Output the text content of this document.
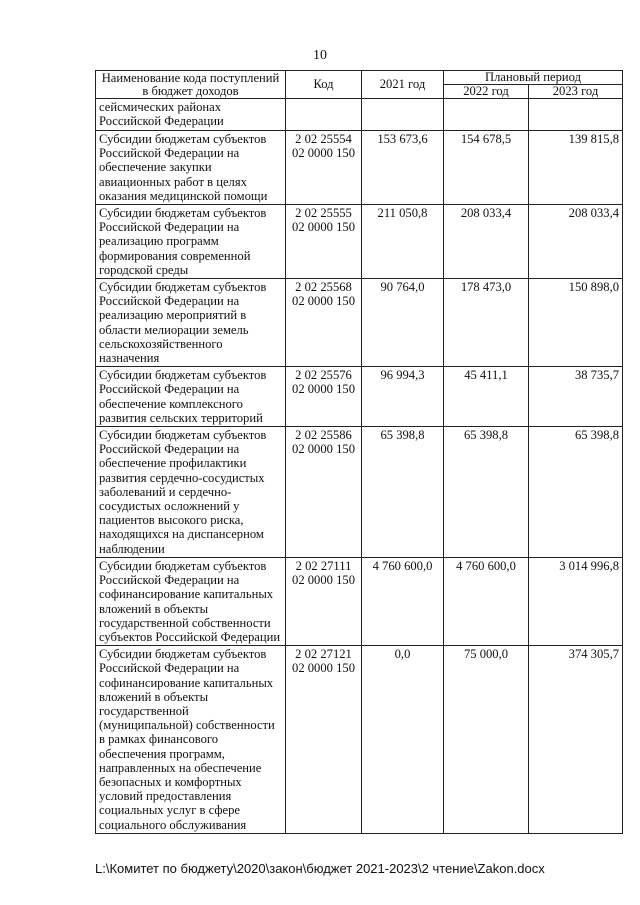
10
Наименование кода поступлений в бюджет доходов	Код	2021 год	Плановый период	
			2022 год	2023 год
сейсмических районах Российской Федерации				
Субсидии бюджетам субъектов Российской Федерации на обеспечение закупки авиационных работ в целях оказания медицинской помощи	2 02 25554 02 0000 150	153 673,6	154 678,5	139 815,8
Субсидии бюджетам субъектов Российской Федерации на реализацию программ формирования современной городской среды	2 02 25555 02 0000 150	211 050,8	208 033,4	208 033,4
Субсидии бюджетам субъектов Российской Федерации на реализацию мероприятий в области мелиорации земель сельскохозяйственного назначения	2 02 25568 02 0000 150	90 764,0	178 473,0	150 898,0
Субсидии бюджетам субъектов Российской Федерации на обеспечение комплексного развития сельских территорий	2 02 25576 02 0000 150	96 994,3	45 411,1	38 735,7
Субсидии бюджетам субъектов Российской Федерации на обеспечение профилактики развития сердечно-сосудистых заболеваний и сердечно-сосудистых осложнений у пациентов высокого риска, находящихся на диспансерном наблюдении	2 02 25586 02 0000 150	65 398,8	65 398,8	65 398,8
Субсидии бюджетам субъектов Российской Федерации на софинансирование капитальных вложений в объекты государственной собственности субъектов Российской Федерации	2 02 27111 02 0000 150	4 760 600,0	4 760 600,0	3 014 996,8
Субсидии бюджетам субъектов Российской Федерации на софинансирование капитальных вложений в объекты государственной (муниципальной) собственности в рамках финансового обеспечения программ, направленных на обеспечение безопасных и комфортных условий предоставления социальных услуг в сфере социального обслуживания	2 02 27121 02 0000 150	0,0	75 000,0	374 305,7
L:\Комитет по бюджету\2020\закон\бюджет 2021-2023\2 чтение\Zakon.docx
